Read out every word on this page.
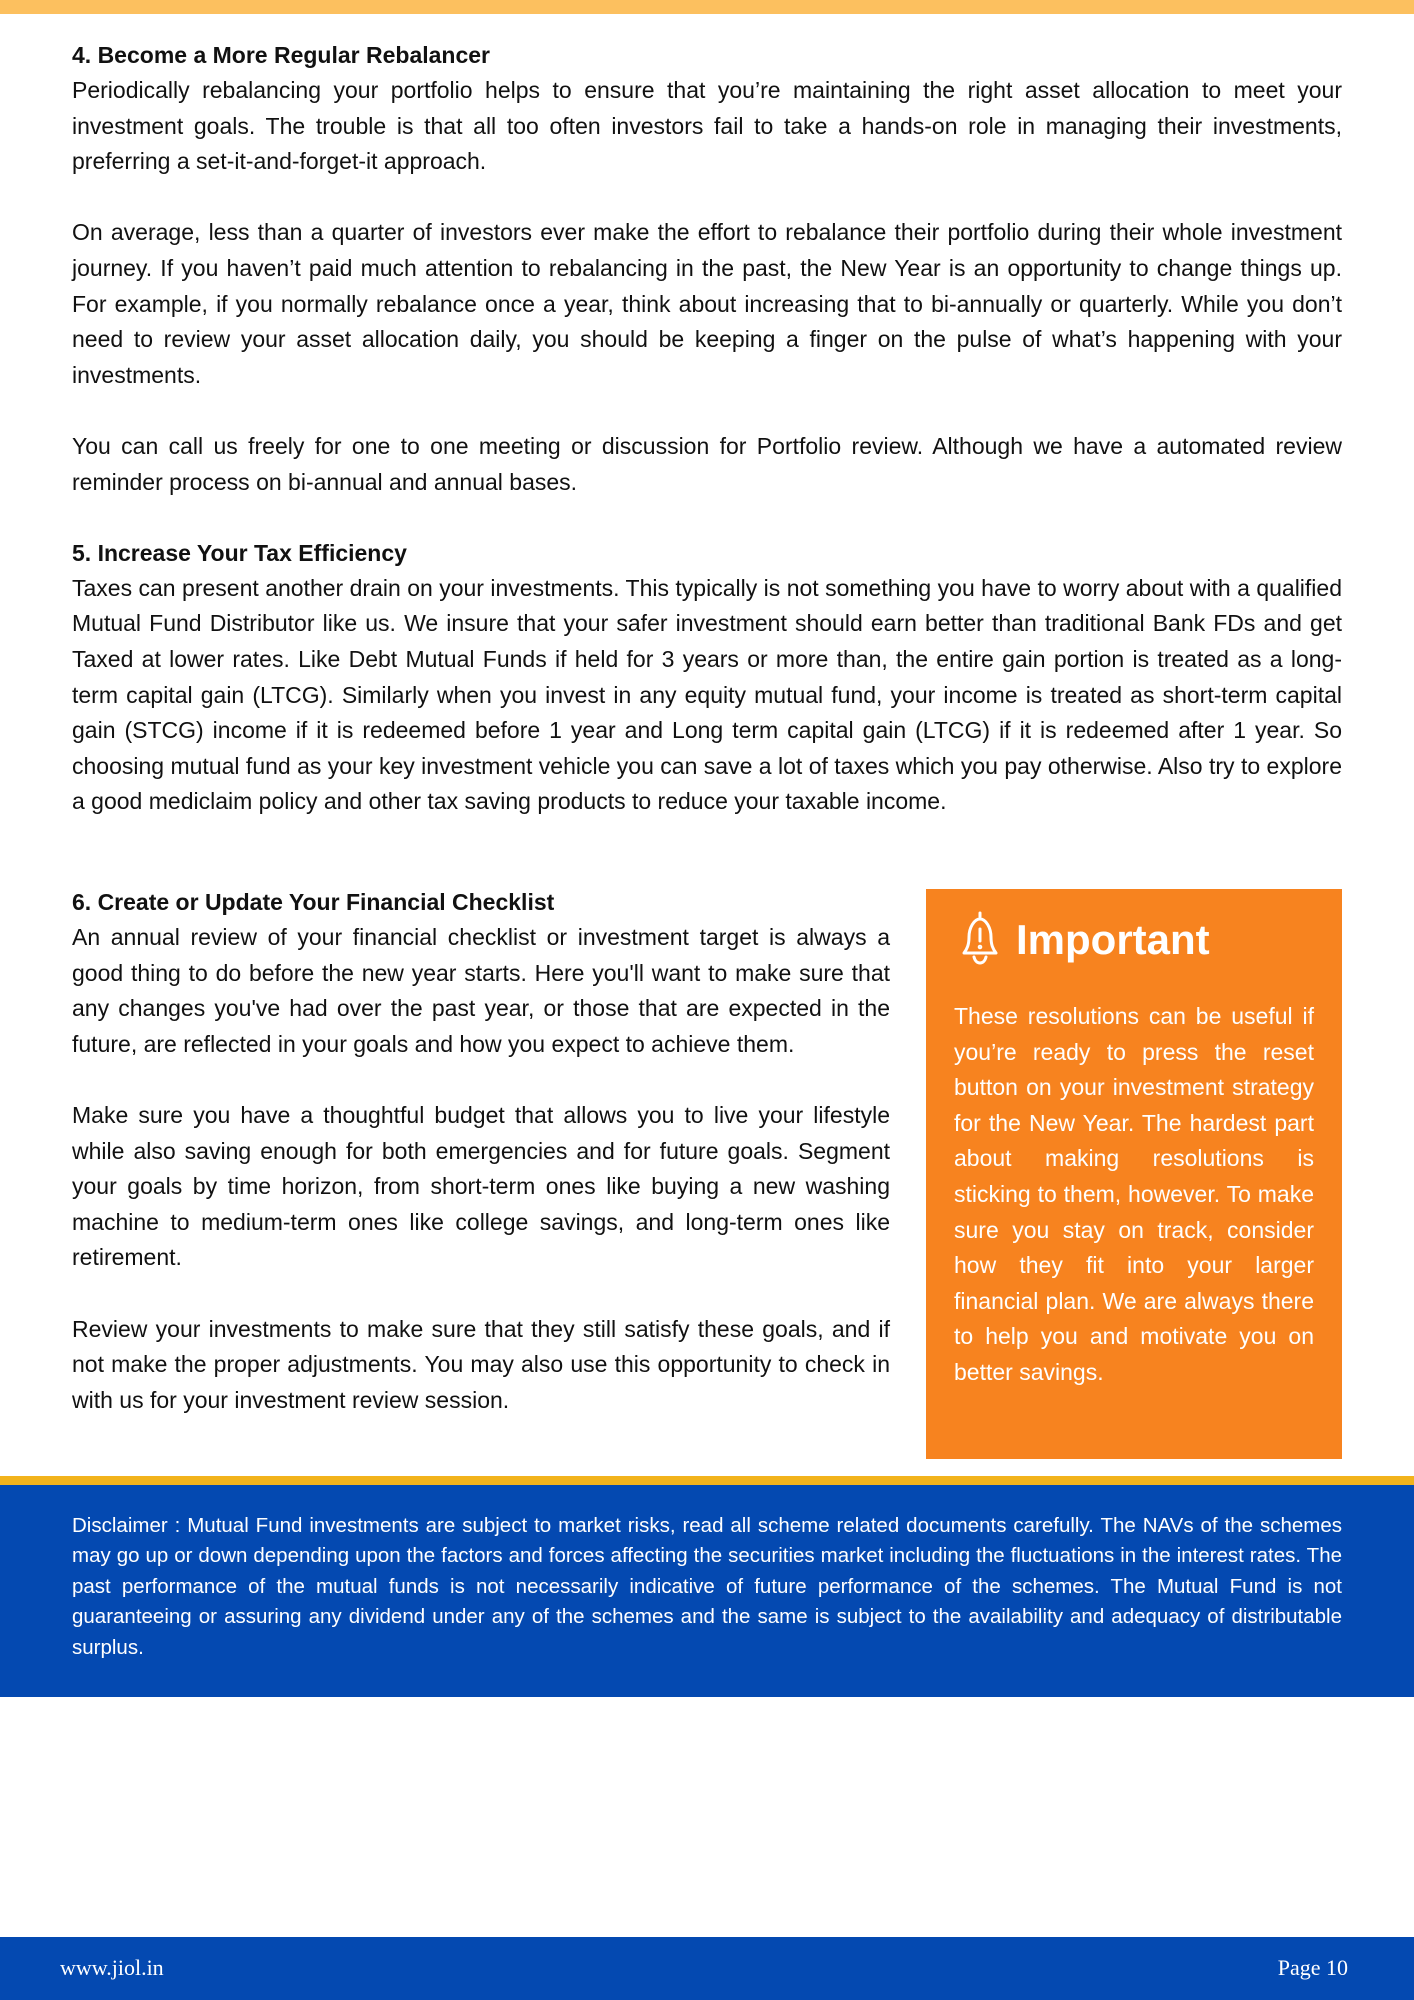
4. Become a More Regular Rebalancer

Periodically rebalancing your portfolio helps to ensure that you’re maintaining the right asset allocation to meet your investment goals. The trouble is that all too often investors fail to take a hands-on role in managing their investments, preferring a set-it-and-forget-it approach.

On average, less than a quarter of investors ever make the effort to rebalance their portfolio during their whole investment journey. If you haven’t paid much attention to rebalancing in the past, the New Year is an opportunity to change things up. For example, if you normally rebalance once a year, think about increasing that to bi-annually or quarterly. While you don’t need to review your asset allocation daily, you should be keeping a finger on the pulse of what’s happening with your investments.

You can call us freely for one to one meeting or discussion for Portfolio review. Although we have a automated review reminder process on bi-annual and annual bases.

5. Increase Your Tax Efficiency

Taxes can present another drain on your investments. This typically is not something you have to worry about with a qualified Mutual Fund Distributor like us. We insure that your safer investment should earn better than traditional Bank FDs and get Taxed at lower rates. Like Debt Mutual Funds if held for 3 years or more than, the entire gain portion is treated as a long-term capital gain (LTCG). Similarly when you invest in any equity mutual fund, your income is treated as short-term capital gain (STCG) income if it is redeemed before 1 year and Long term capital gain (LTCG) if it is redeemed after 1 year. So choosing mutual fund as your key investment vehicle you can save a lot of taxes which you pay otherwise. Also try to explore a good mediclaim policy and other tax saving products to reduce your taxable income.

6. Create or Update Your Financial Checklist

An annual review of your financial checklist or investment target is always a good thing to do before the new year starts. Here you'll want to make sure that any changes you've had over the past year, or those that are expected in the future, are reflected in your goals and how you expect to achieve them.

Make sure you have a thoughtful budget that allows you to live your lifestyle while also saving enough for both emergencies and for future goals. Segment your goals by time horizon, from short-term ones like buying a new washing machine to medium-term ones like college savings, and long-term ones like retirement.

Review your investments to make sure that they still satisfy these goals, and if not make the proper adjustments. You may also use this opportunity to check in with us for your investment review session.

Important
These resolutions can be useful if you’re ready to press the reset button on your investment strategy for the New Year. The hardest part about making resolutions is sticking to them, however. To make sure you stay on track, consider how they fit into your larger financial plan. We are always there to help you and motivate you on better savings.
Disclaimer : Mutual Fund investments are subject to market risks, read all scheme related documents carefully. The NAVs of the schemes may go up or down depending upon the factors and forces affecting the securities market including the fluctuations in the interest rates. The past performance of the mutual funds is not necessarily indicative of future performance of the schemes. The Mutual Fund is not guaranteeing or assuring any dividend under any of the schemes and the same is subject to the availability and adequacy of distributable surplus.
www.jiol.in	Page 10
